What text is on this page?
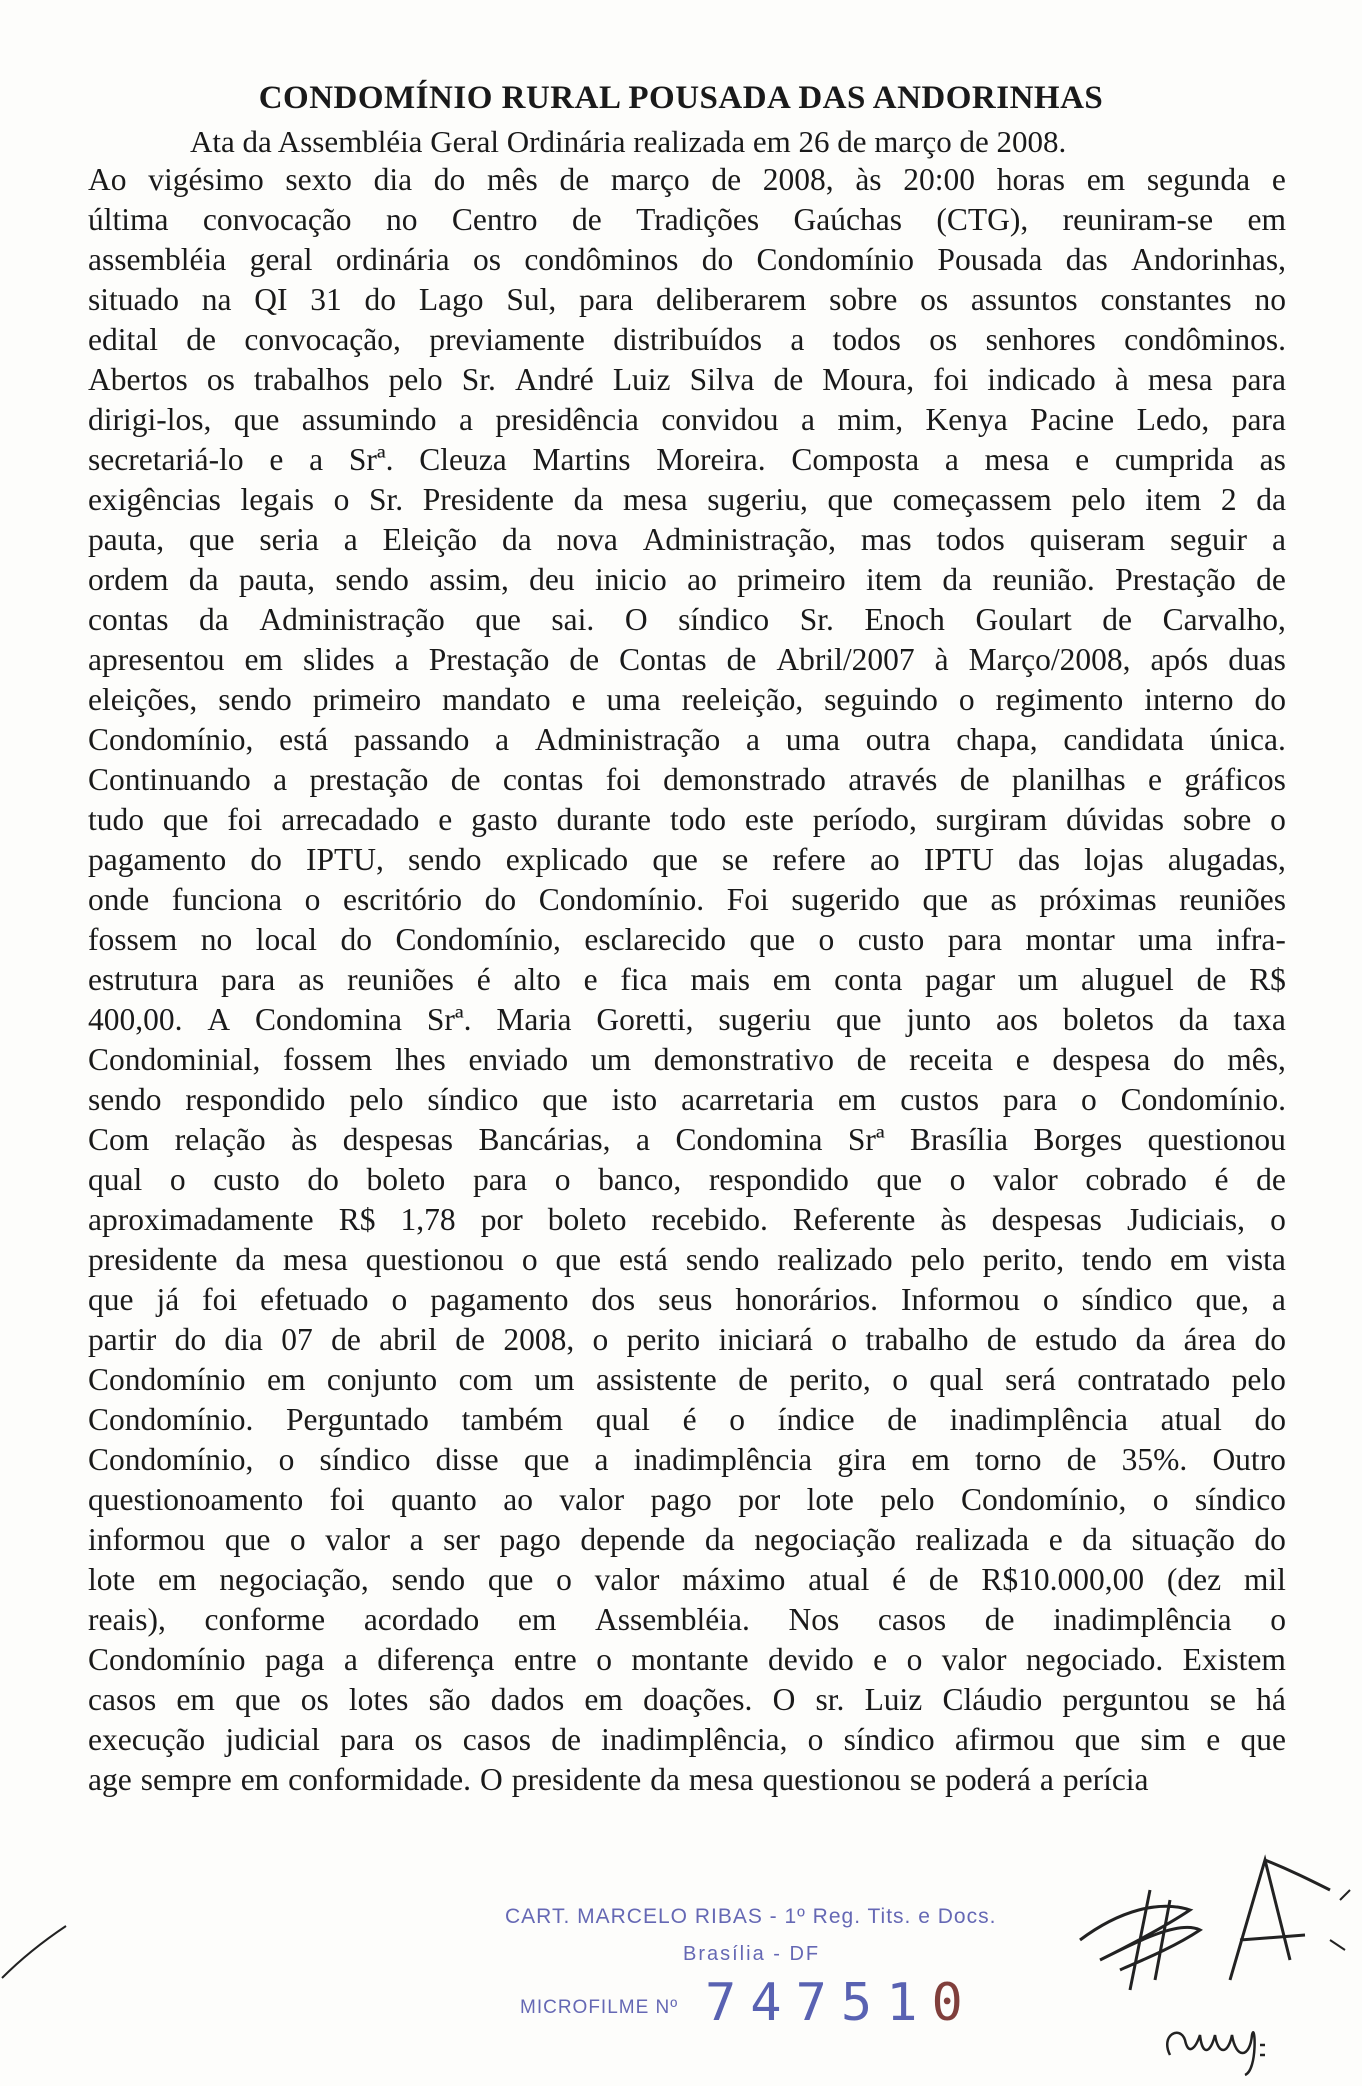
CONDOMÍNIO RURAL POUSADA DAS ANDORINHAS
Ata da Assembléia Geral Ordinária realizada em 26 de março de 2008.
Ao vigésimo sexto dia do mês de março de 2008, às 20:00 horas em segunda e
última convocação no Centro de Tradições Gaúchas (CTG), reuniram-se em
assembléia geral ordinária os condôminos do Condomínio Pousada das Andorinhas,
situado na QI 31 do Lago Sul, para deliberarem sobre os assuntos constantes no
edital de convocação, previamente distribuídos a todos os senhores condôminos.
Abertos os trabalhos pelo Sr. André Luiz Silva de Moura, foi indicado à mesa para
dirigi-los, que assumindo a presidência convidou a mim, Kenya Pacine Ledo, para
secretariá-lo e a Srª. Cleuza Martins Moreira. Composta a mesa e cumprida as
exigências legais o Sr. Presidente da mesa sugeriu, que começassem pelo item 2 da
pauta, que seria a Eleição da nova Administração, mas todos quiseram seguir a
ordem da pauta, sendo assim, deu inicio ao primeiro item da reunião. Prestação de
contas da Administração que sai. O síndico Sr. Enoch Goulart de Carvalho,
apresentou em slides a Prestação de Contas de Abril/2007 à Março/2008, após duas
eleições, sendo primeiro mandato e uma reeleição, seguindo o regimento interno do
Condomínio, está passando a Administração a uma outra chapa, candidata única.
Continuando a prestação de contas foi demonstrado através de planilhas e gráficos
tudo que foi arrecadado e gasto durante todo este período, surgiram dúvidas sobre o
pagamento do IPTU, sendo explicado que se refere ao IPTU das lojas alugadas,
onde funciona o escritório do Condomínio. Foi sugerido que as próximas reuniões
fossem no local do Condomínio, esclarecido que o custo para montar uma infra-
estrutura para as reuniões é alto e fica mais em conta pagar um aluguel de R$
400,00. A Condomina Srª. Maria Goretti, sugeriu que junto aos boletos da taxa
Condominial, fossem lhes enviado um demonstrativo de receita e despesa do mês,
sendo respondido pelo síndico que isto acarretaria em custos para o Condomínio.
Com relação às despesas Bancárias, a Condomina Srª Brasília Borges questionou
qual o custo do boleto para o banco, respondido que o valor cobrado é de
aproximadamente R$ 1,78 por boleto recebido. Referente às despesas Judiciais, o
presidente da mesa questionou o que está sendo realizado pelo perito, tendo em vista
que já foi efetuado o pagamento dos seus honorários. Informou o síndico que, a
partir do dia 07 de abril de 2008, o perito iniciará o trabalho de estudo da área do
Condomínio em conjunto com um assistente de perito, o qual será contratado pelo
Condomínio. Perguntado também qual é o índice de inadimplência atual do
Condomínio, o síndico disse que a inadimplência gira em torno de 35%. Outro
questionoamento foi quanto ao valor pago por lote pelo Condomínio, o síndico
informou que o valor a ser pago depende da negociação realizada e da situação do
lote em negociação, sendo que o valor máximo atual é de R$10.000,00 (dez mil
reais), conforme acordado em Assembléia. Nos casos de inadimplência o
Condomínio paga a diferença entre o montante devido e o valor negociado. Existem
casos em que os lotes são dados em doações. O sr. Luiz Cláudio perguntou se há
execução judicial para os casos de inadimplência, o síndico afirmou que sim e que
age sempre em conformidade. O presidente da mesa questionou se poderá a perícia
CART. MARCELO RIBAS - 1º Reg. Tits. e Docs.
Brasília - DF
MICROFILME Nº 747510
